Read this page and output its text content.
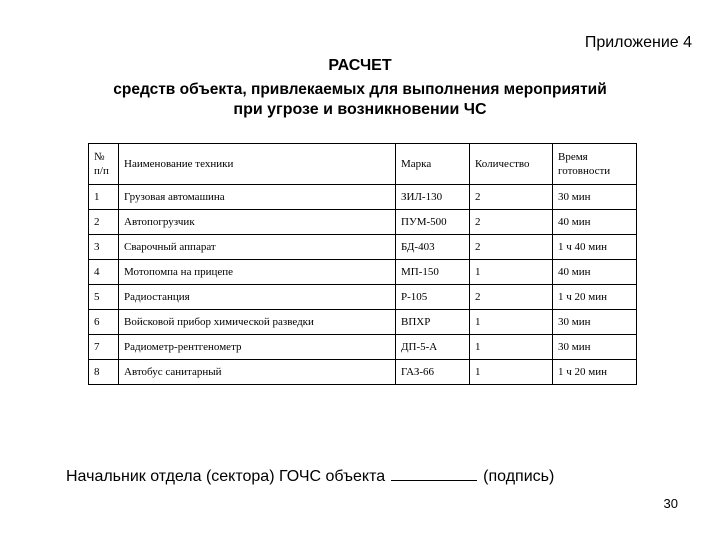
Приложение 4
РАСЧЕТ
средств объекта, привлекаемых для выполнения мероприятий
при угрозе и возникновении ЧС
№ п/п	Наименование техники	Марка	Количество	Время готовности
1	Грузовая автомашина	ЗИЛ-130	2	30 мин
2	Автопогрузчик	ПУМ-500	2	40 мин
3	Сварочный аппарат	БД-403	2	1 ч 40 мин
4	Мотопомпа на прицепе	МП-150	1	40 мин
5	Радиостанция	Р-105	2	1 ч 20 мин
6	Войсковой прибор химической разведки	ВПХР	1	30 мин
7	Радиометр-рентгенометр	ДП-5-А	1	30 мин
8	Автобус санитарный	ГАЗ-66	1	1 ч 20 мин
Начальник отдела (сектора) ГОЧС объекта	(подпись)
30
